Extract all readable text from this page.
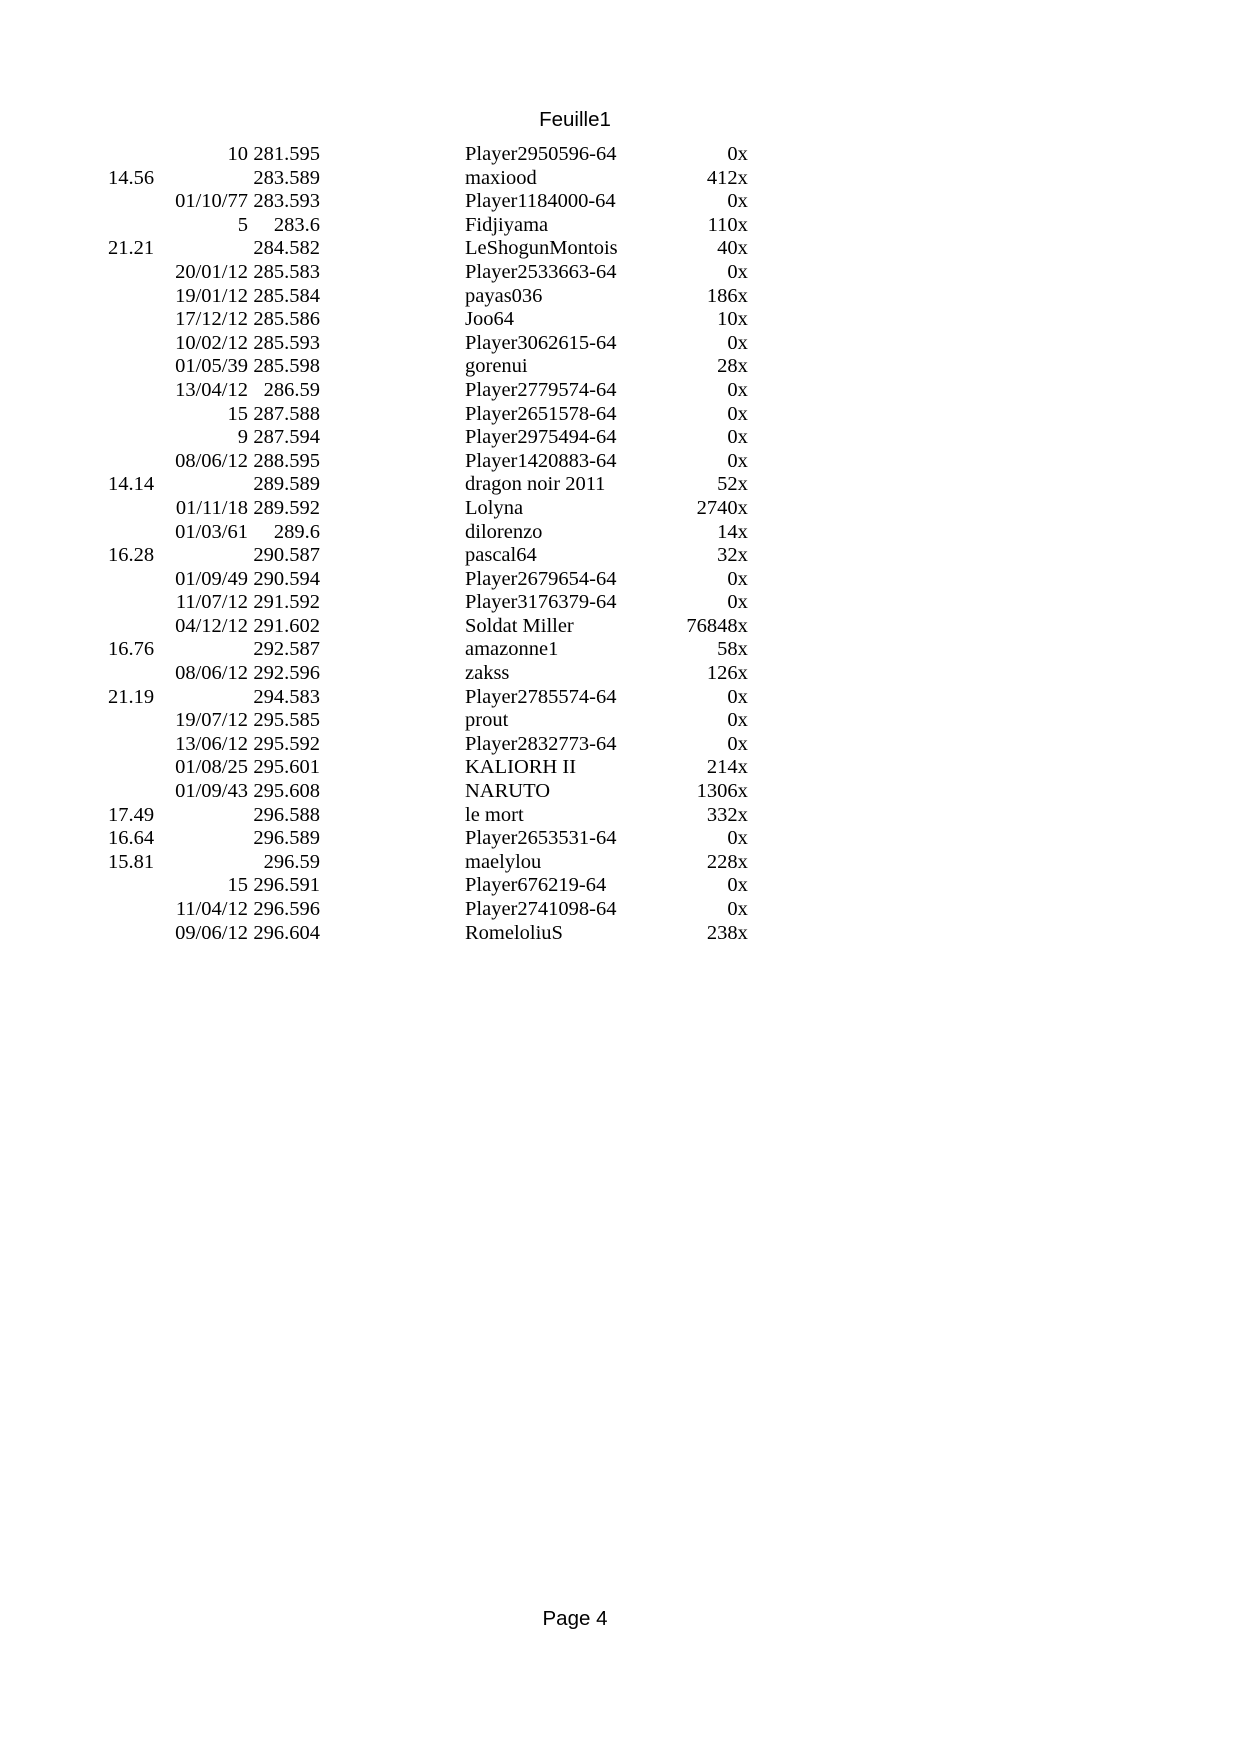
Feuille1
10	281.595		Player2950596-64	0	x
14.56	283.589		maxiood	412	x
01/10/77	283.593		Player1184000-64	0	x
5	283.6		Fidjiyama	110	x
21.21	284.582		LeShogunMontois	40	x
20/01/12	285.583		Player2533663-64	0	x
19/01/12	285.584		payas036	186	x
17/12/12	285.586		Joo64	10	x
10/02/12	285.593		Player3062615-64	0	x
01/05/39	285.598		gorenui	28	x
13/04/12	286.59		Player2779574-64	0	x
15	287.588		Player2651578-64	0	x
9	287.594		Player2975494-64	0	x
08/06/12	288.595		Player1420883-64	0	x
14.14	289.589		dragon noir 2011	52	x
01/11/18	289.592		Lolyna	2740	x
01/03/61	289.6		dilorenzo	14	x
16.28	290.587		pascal64	32	x
01/09/49	290.594		Player2679654-64	0	x
11/07/12	291.592		Player3176379-64	0	x
04/12/12	291.602		Soldat Miller	76848	x
16.76	292.587		amazonne1	58	x
08/06/12	292.596		zakss	126	x
21.19	294.583		Player2785574-64	0	x
19/07/12	295.585		prout	0	x
13/06/12	295.592		Player2832773-64	0	x
01/08/25	295.601		KALIORH II	214	x
01/09/43	295.608		NARUTO	1306	x
17.49	296.588		le mort	332	x
16.64	296.589		Player2653531-64	0	x
15.81	296.59		maelylou	228	x
15	296.591		Player676219-64	0	x
11/04/12	296.596		Player2741098-64	0	x
09/06/12	296.604		RomeloliuS	238	x
Page 4
